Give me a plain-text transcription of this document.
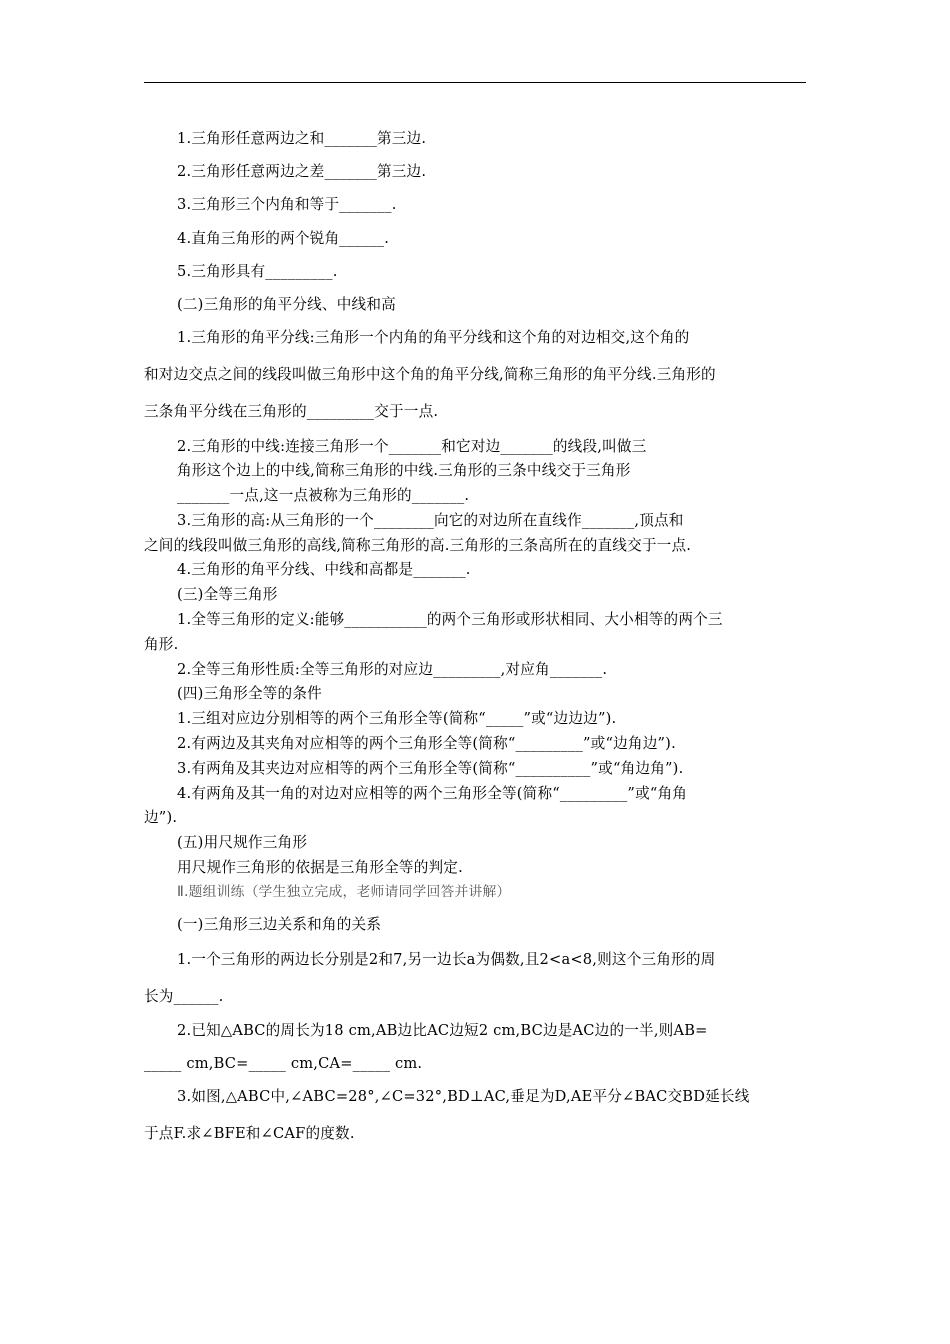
1.三角形任意两边之和_______第三边.
2.三角形任意两边之差_______第三边.
3.三角形三个内角和等于_______.
4.直角三角形的两个锐角______.
5.三角形具有_________.
(二)三角形的角平分线、中线和高
1.三角形的角平分线:三角形一个内角的角平分线和这个角的对边相交,这个角的
和对边交点之间的线段叫做三角形中这个角的角平分线,简称三角形的角平分线.三角形的
三条角平分线在三角形的_________交于一点.
2.三角形的中线:连接三角形一个_______和它对边_______的线段,叫做三
角形这个边上的中线,简称三角形的中线.三角形的三条中线交于三角形
_______一点,这一点被称为三角形的_______.
3.三角形的高:从三角形的一个________向它的对边所在直线作_______,顶点和
之间的线段叫做三角形的高线,简称三角形的高.三角形的三条高所在的直线交于一点.
4.三角形的角平分线、中线和高都是_______.
(三)全等三角形
1.全等三角形的定义:能够___________的两个三角形或形状相同、大小相等的两个三
角形.
2.全等三角形性质:全等三角形的对应边_________,对应角_______.
(四)三角形全等的条件
1.三组对应边分别相等的两个三角形全等(简称“_____”或“边边边”).
2.有两边及其夹角对应相等的两个三角形全等(简称“_________”或“边角边”).
3.有两角及其夹边对应相等的两个三角形全等(简称“__________”或“角边角”).
4.有两角及其一角的对边对应相等的两个三角形全等(简称“_________”或“角角
边”).
(五)用尺规作三角形
用尺规作三角形的依据是三角形全等的判定.
Ⅱ.题组训练（学生独立完成，老师请同学回答并讲解）
(一)三角形三边关系和角的关系
1.一个三角形的两边长分别是2和7,另一边长a为偶数,且2<a<8,则这个三角形的周
长为______.
2.已知△ABC的周长为18 cm,AB边比AC边短2 cm,BC边是AC边的一半,则AB=
_____ cm,BC=_____ cm,CA=_____ cm.
3.如图,△ABC中,∠ABC=28°,∠C=32°,BD⊥AC,垂足为D,AE平分∠BAC交BD延长线
于点F.求∠BFE和∠CAF的度数.
